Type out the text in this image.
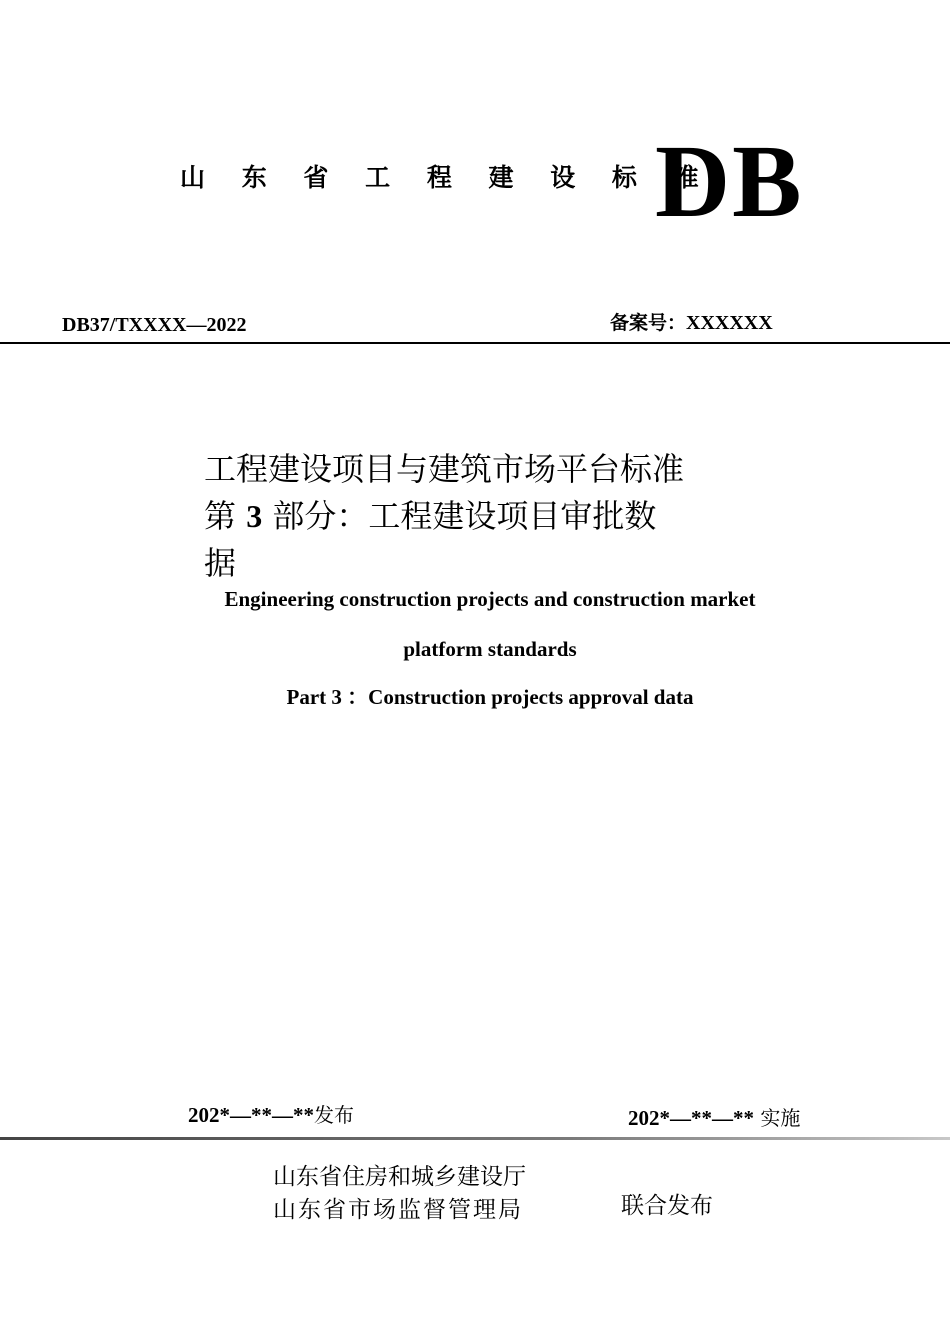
山 东 省 工 程 建 设 标 准
DB
DB37/TXXXX—2022	备案号：XXXXXX
工程建设项目与建筑市场平台标准
第 3 部分：工程建设项目审批数
据
Engineering construction projects and construction market
platform standards
Part 3 ：Construction projects approval data
202*—**—**发布	202*—**—** 实施
山东省住房和城乡建设厅
山东省市场监督管理局	联合发布
